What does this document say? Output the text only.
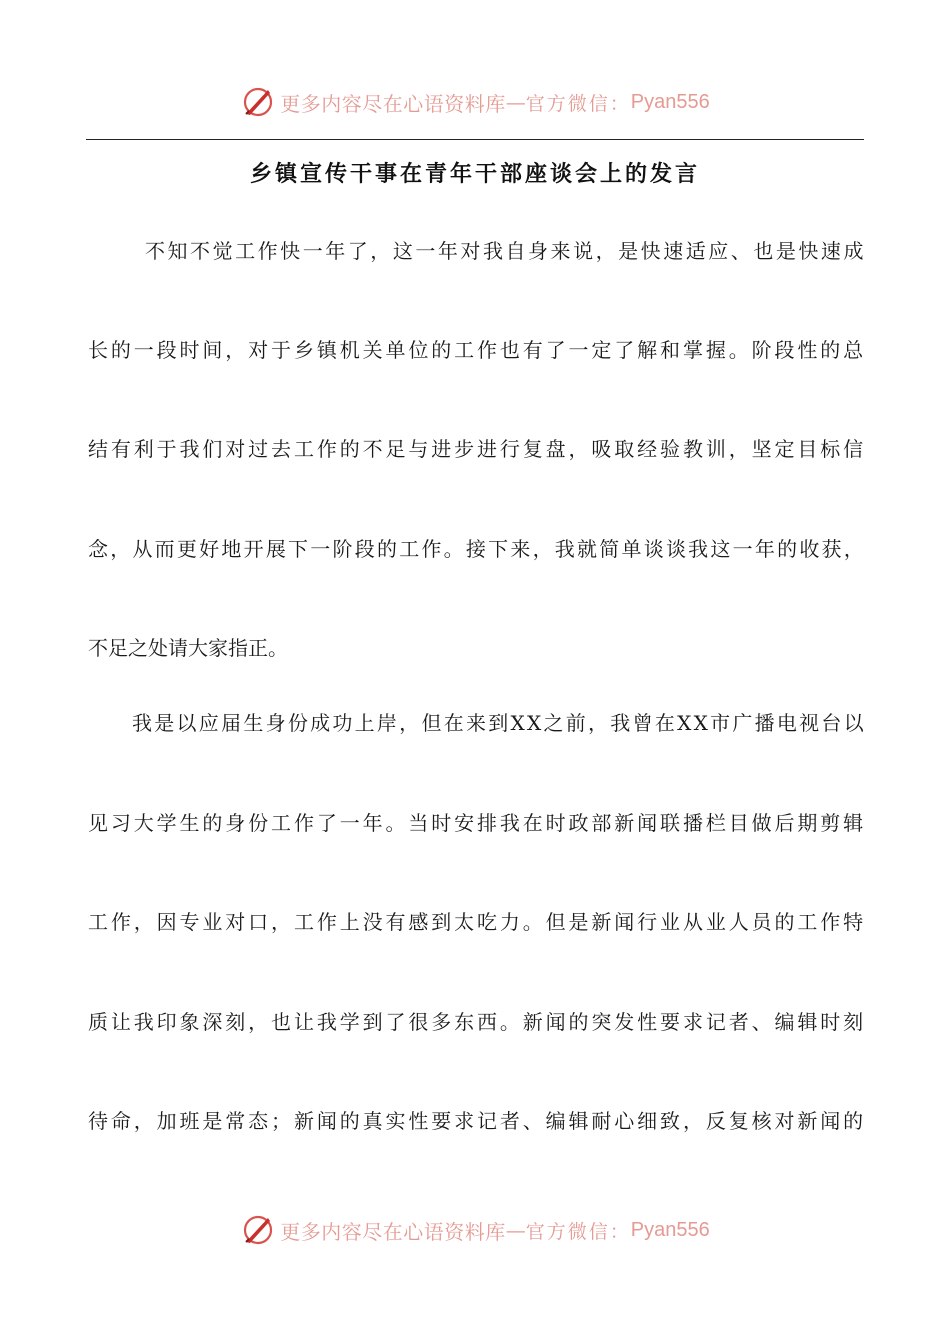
更多内容尽在心语资料库 — 官方微信： Pyan556
乡镇宣传干事在青年干部座谈会上的发言
不知不觉工作快一年了，这一年对我自身来说，是快速适应、也是快速成
长的一段时间，对于乡镇机关单位的工作也有了一定了解和掌握。阶段性的总
结有利于我们对过去工作的不足与进步进行复盘，吸取经验教训，坚定目标信
念，从而更好地开展下一阶段的工作。接下来，我就简单谈谈我这一年的收获，
不足之处请大家指正。
我是以应届生身份成功上岸，但在来到XX之前，我曾在XX市广播电视台以
见习大学生的身份工作了一年。当时安排我在时政部新闻联播栏目做后期剪辑
工作，因专业对口，工作上没有感到太吃力。但是新闻行业从业人员的工作特
质让我印象深刻，也让我学到了很多东西。新闻的突发性要求记者、编辑时刻
待命，加班是常态；新闻的真实性要求记者、编辑耐心细致，反复核对新闻的
更多内容尽在心语资料库 — 官方微信： Pyan556
